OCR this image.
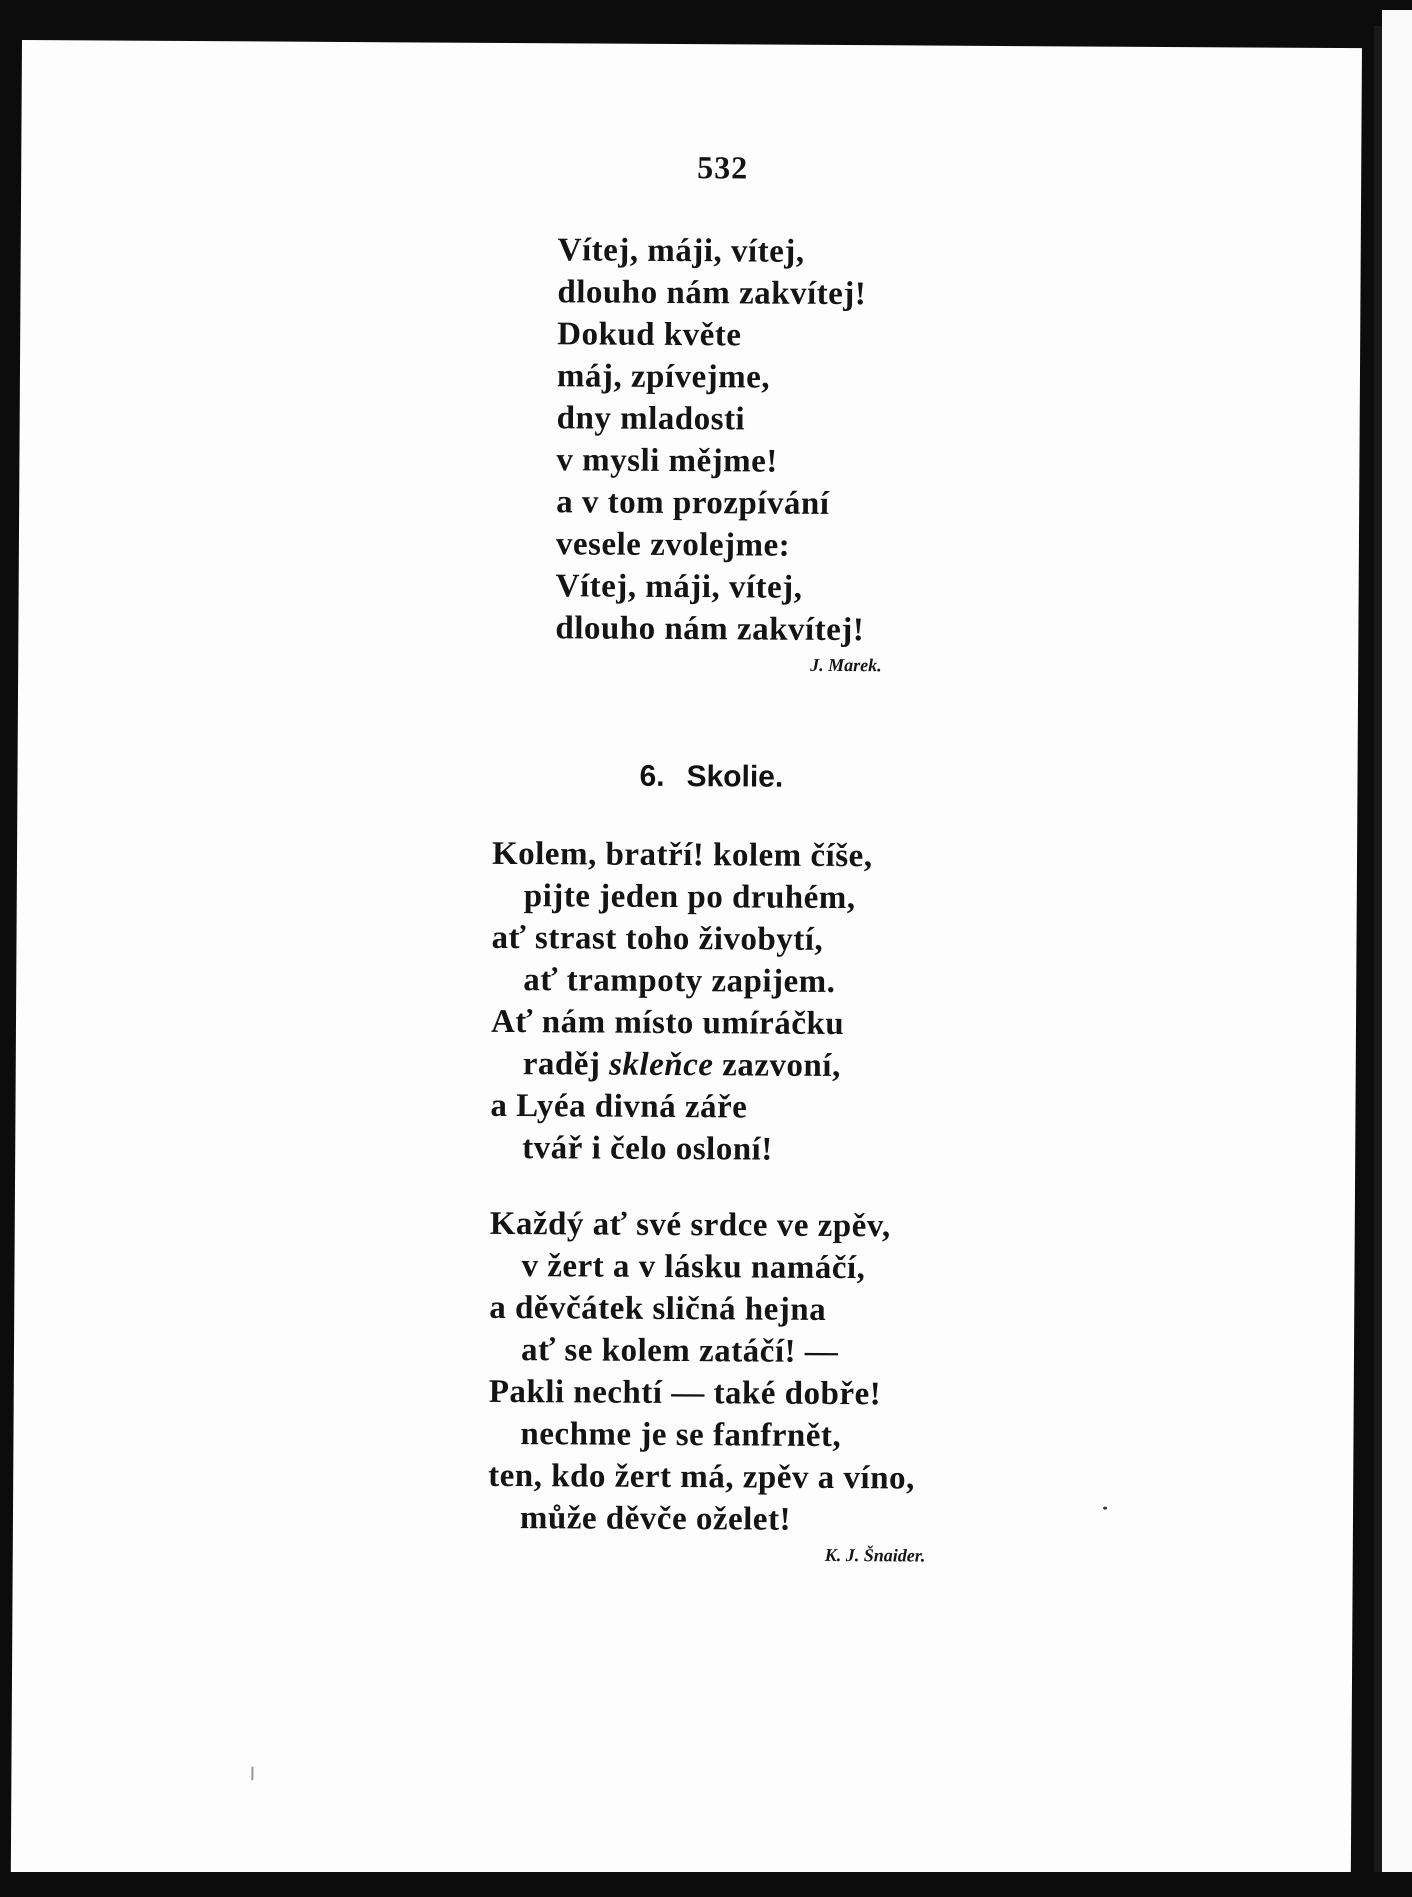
532
Vítej, máji, vítej,
dlouho nám zakvítej!
Dokud květe
máj, zpívejme,
dny mladosti
v mysli mějme!
a v tom prozpívání
vesele zvolejme:
Vítej, máji, vítej,
dlouho nám zakvítej!
J. Marek.
6. Skolie.
Kolem, bratří! kolem číše,
pijte jeden po druhém,
ať strast toho živobytí,
ať trampoty zapijem.
Ať nám místo umíráčku
raděj skleňce zazvoní,
a Lyéa divná záře
tvář i čelo osloní!
Každý ať své srdce ve zpěv,
v žert a v lásku namáčí,
a děvčátek sličná hejna
ať se kolem zatáčí! —
Pakli nechtí — také dobře!
nechme je se fanfrnět,
ten, kdo žert má, zpěv a víno,
může děvče oželet!
K. J. Šnaider.
